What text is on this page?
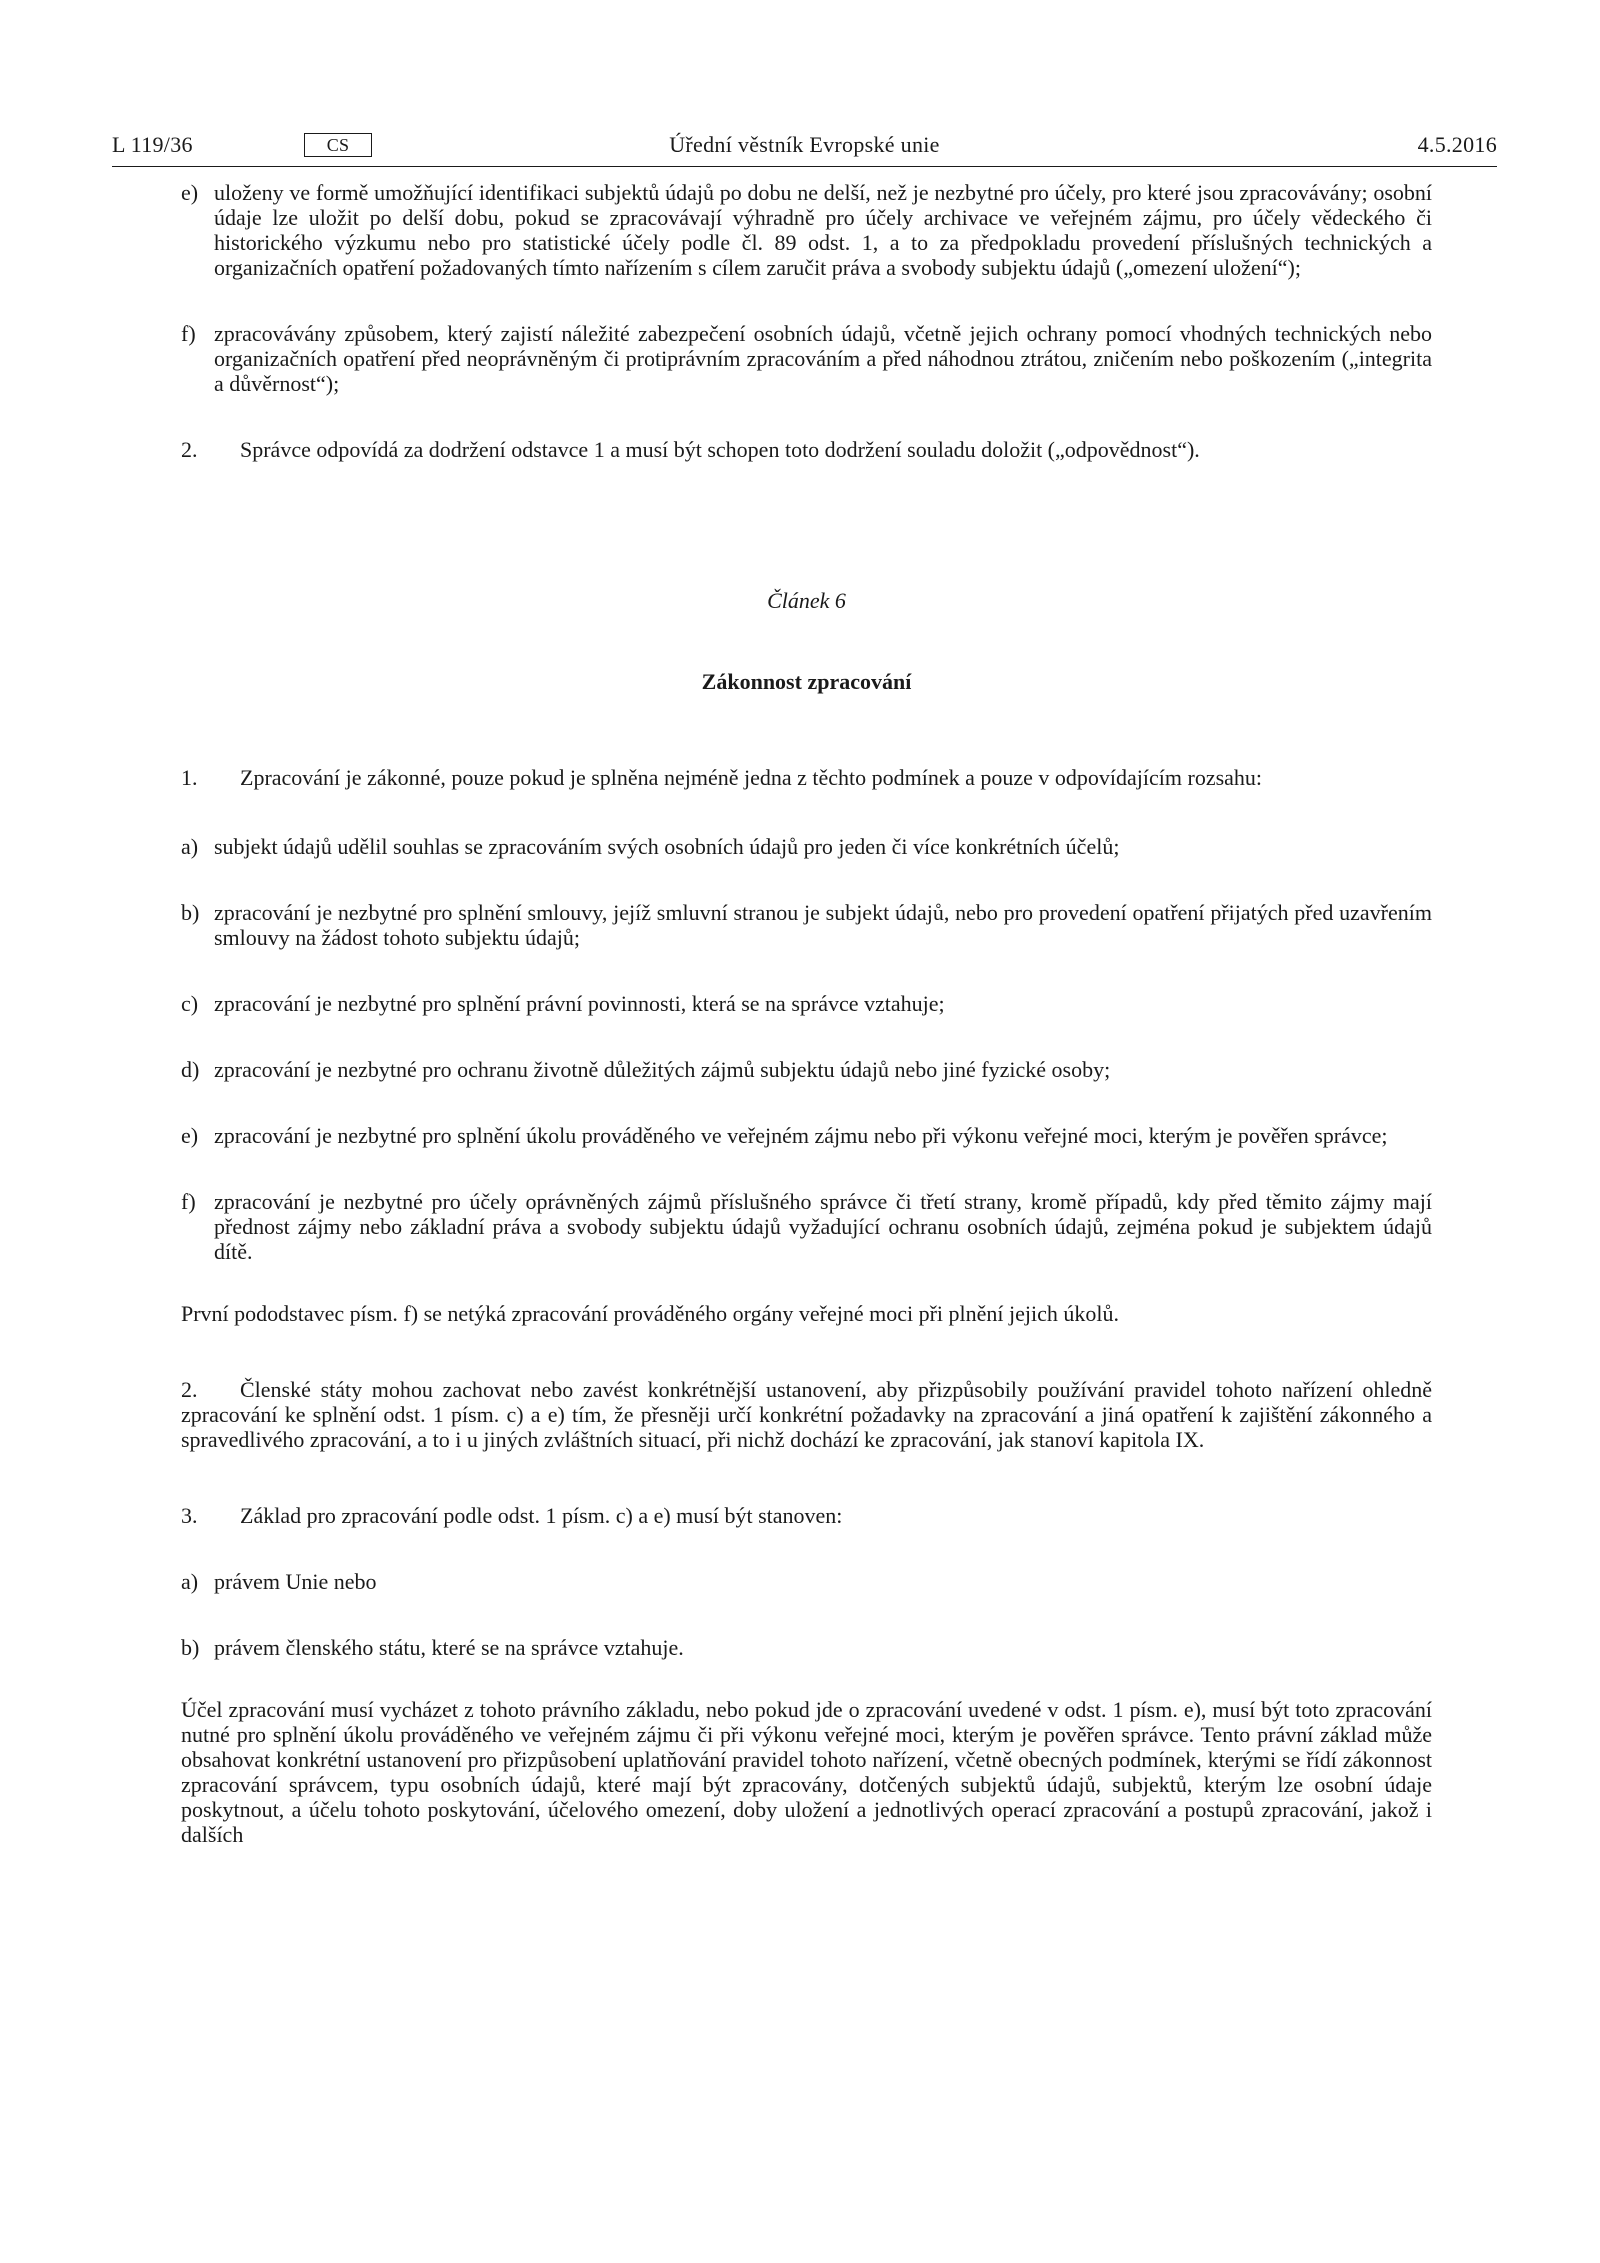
L 119/36	Úřední věstník Evropské unie
CS	4.5.2016
e) uloženy ve formě umožňující identifikaci subjektů údajů po dobu ne delší, než je nezbytné pro účely, pro které jsou zpracovávány; osobní údaje lze uložit po delší dobu, pokud se zpracovávají výhradně pro účely archivace ve veřejném zájmu, pro účely vědeckého či historického výzkumu nebo pro statistické účely podle čl. 89 odst. 1, a to za předpokladu provedení příslušných technických a organizačních opatření požadovaných tímto nařízením s cílem zaručit práva a svobody subjektu údajů („omezení uložení“);
f) zpracovávány způsobem, který zajistí náležité zabezpečení osobních údajů, včetně jejich ochrany pomocí vhodných technických nebo organizačních opatření před neoprávněným či protiprávním zpracováním a před náhodnou ztrátou, zničením nebo poškozením („integrita a důvěrnost“);
2. Správce odpovídá za dodržení odstavce 1 a musí být schopen toto dodržení souladu doložit („odpovědnost“).
Článek 6
Zákonnost zpracování
1. Zpracování je zákonné, pouze pokud je splněna nejméně jedna z těchto podmínek a pouze v odpovídajícím rozsahu:
a) subjekt údajů udělil souhlas se zpracováním svých osobních údajů pro jeden či více konkrétních účelů;
b) zpracování je nezbytné pro splnění smlouvy, jejíž smluvní stranou je subjekt údajů, nebo pro provedení opatření přijatých před uzavřením smlouvy na žádost tohoto subjektu údajů;
c) zpracování je nezbytné pro splnění právní povinnosti, která se na správce vztahuje;
d) zpracování je nezbytné pro ochranu životně důležitých zájmů subjektu údajů nebo jiné fyzické osoby;
e) zpracování je nezbytné pro splnění úkolu prováděného ve veřejném zájmu nebo při výkonu veřejné moci, kterým je pověřen správce;
f) zpracování je nezbytné pro účely oprávněných zájmů příslušného správce či třetí strany, kromě případů, kdy před těmito zájmy mají přednost zájmy nebo základní práva a svobody subjektu údajů vyžadující ochranu osobních údajů, zejména pokud je subjektem údajů dítě.
První pododstavec písm. f) se netýká zpracování prováděného orgány veřejné moci při plnění jejich úkolů.
2. Členské státy mohou zachovat nebo zavést konkrétnější ustanovení, aby přizpůsobily používání pravidel tohoto nařízení ohledně zpracování ke splnění odst. 1 písm. c) a e) tím, že přesněji určí konkrétní požadavky na zpracování a jiná opatření k zajištění zákonného a spravedlivého zpracování, a to i u jiných zvláštních situací, při nichž dochází ke zpracování, jak stanoví kapitola IX.
3. Základ pro zpracování podle odst. 1 písm. c) a e) musí být stanoven:
a) právem Unie nebo
b) právem členského státu, které se na správce vztahuje.
Účel zpracování musí vycházet z tohoto právního základu, nebo pokud jde o zpracování uvedené v odst. 1 písm. e), musí být toto zpracování nutné pro splnění úkolu prováděného ve veřejném zájmu či při výkonu veřejné moci, kterým je pověřen správce. Tento právní základ může obsahovat konkrétní ustanovení pro přizpůsobení uplatňování pravidel tohoto nařízení, včetně obecných podmínek, kterými se řídí zákonnost zpracování správcem, typu osobních údajů, které mají být zpracovány, dotčených subjektů údajů, subjektů, kterým lze osobní údaje poskytnout, a účelu tohoto poskytování, účelového omezení, doby uložení a jednotlivých operací zpracování a postupů zpracování, jakož i dalších
